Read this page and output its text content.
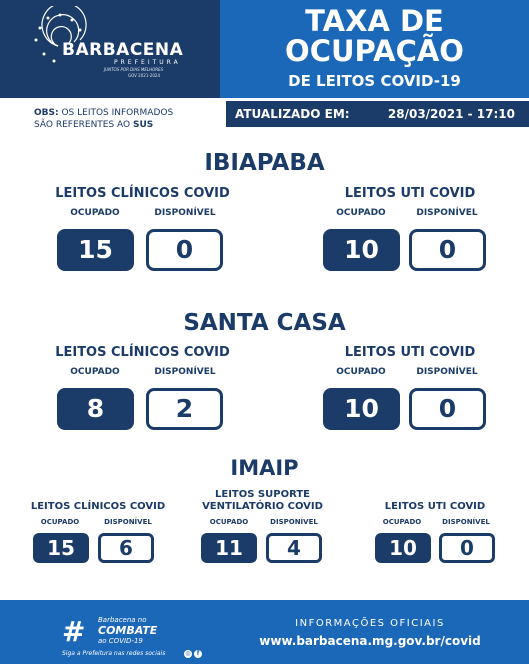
BARBACENA
PREFEITURA
JUNTOS POR DIAS MELHORES
GOV 2021-2024
TAXA DE
OCUPAÇÃO
DE LEITOS COVID-19
OBS: OS LEITOS INFORMADOS
SÃO REFERENTES AO SUS
ATUALIZADO EM:	28/03/2021 - 17:10
IBIAPABA
LEITOS CLÍNICOS COVID
OCUPADO	DISPONÍVEL
15	0
LEITOS UTI COVID
OCUPADO	DISPONÍVEL
10	0
SANTA CASA
LEITOS CLÍNICOS COVID
OCUPADO	DISPONÍVEL
8	2
LEITOS UTI COVID
OCUPADO	DISPONÍVEL
10	0
IMAIP
LEITOS CLÍNICOS COVID
OCUPADO	DISPONÍVEL
15	6
LEITOS SUPORTE
VENTILATÓRIO COVID
OCUPADO	DISPONÍVEL
11	4
LEITOS UTI COVID
OCUPADO	DISPONÍVEL
10	0
# Barbacena no
COMBATE
ao COVID-19
Siga a Prefeitura nas redes sociais	◎	f
INFORMAÇÕES OFICIAIS
www.barbacena.mg.gov.br/covid
